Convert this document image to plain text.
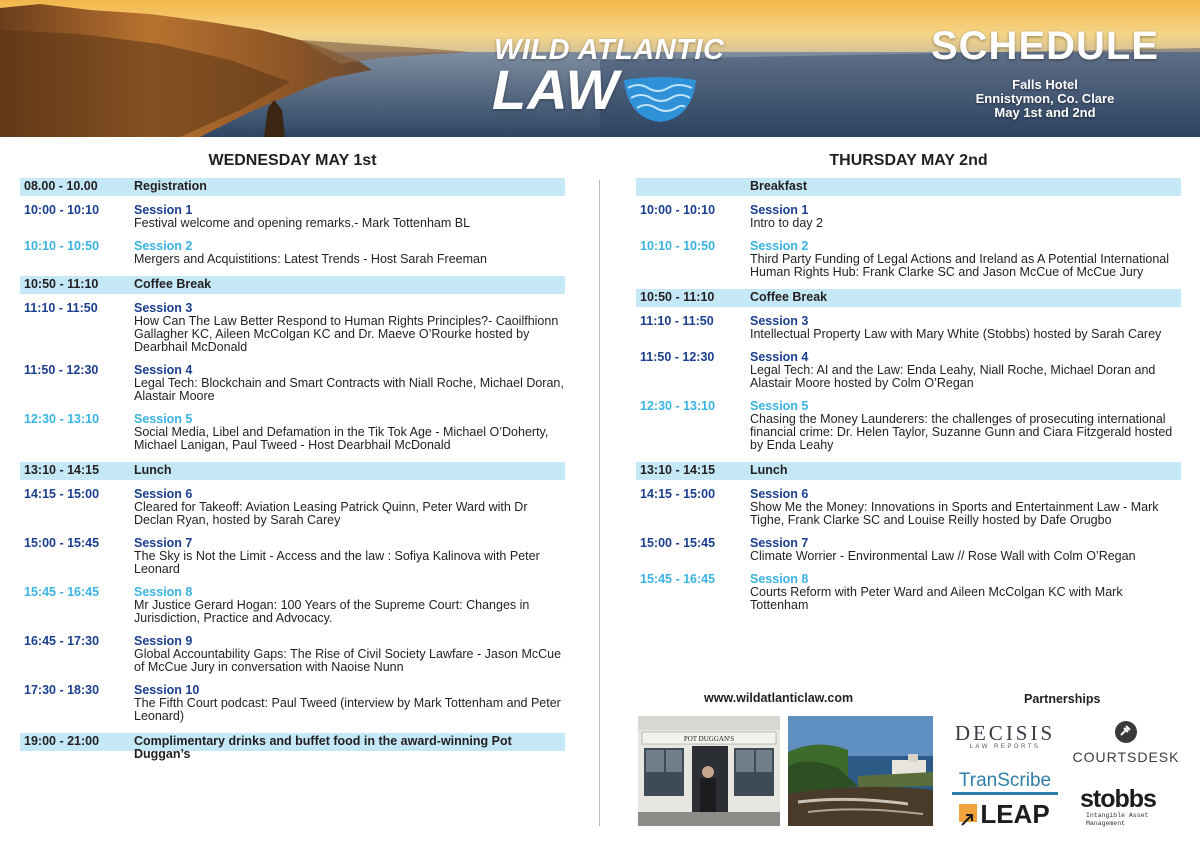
WILD ATLANTIC
LAW
SCHEDULE
Falls Hotel
Ennistymon, Co. Clare
May 1st and 2nd
WEDNESDAY MAY 1st	THURSDAY MAY 2nd
08.00 - 10.00	Registration
10:00 - 10:10	Session 1
Festival welcome and opening remarks.- Mark Tottenham BL
10:10 - 10:50	Session 2
Mergers and Acquistitions: Latest Trends - Host Sarah Freeman
10:50 - 11:10	Coffee Break
11:10 - 11:50	Session 3
How Can The Law Better Respond to Human Rights Principles?- Caoilfhionn Gallagher KC, Aileen McColgan KC and Dr. Maeve O’Rourke hosted by Dearbhail McDonald
11:50 - 12:30	Session 4
Legal Tech: Blockchain and Smart Contracts with Niall Roche, Michael Doran, Alastair Moore
12:30 - 13:10	Session 5
Social Media, Libel and Defamation in the Tik Tok Age - Michael O’Doherty, Michael Lanigan, Paul Tweed - Host Dearbhail McDonald
13:10 - 14:15	Lunch
14:15 - 15:00	Session 6
Cleared for Takeoff: Aviation Leasing Patrick Quinn, Peter Ward with Dr Declan Ryan, hosted by Sarah Carey
15:00 - 15:45	Session 7
The Sky is Not the Limit - Access and the law : Sofiya Kalinova with Peter Leonard
15:45 - 16:45	Session 8
Mr Justice Gerard Hogan: 100 Years of the Supreme Court: Changes in Jurisdiction, Practice and Advocacy.
16:45 - 17:30	Session 9
Global Accountability Gaps: The Rise of Civil Society Lawfare - Jason McCue of McCue Jury in conversation with Naoise Nunn
17:30 - 18:30	Session 10
The Fifth Court podcast: Paul Tweed (interview by Mark Tottenham and Peter Leonard)
19:00 - 21:00	Complimentary drinks and buffet food in the award-winning Pot Duggan’s
Breakfast
10:00 - 10:10	Session 1
Intro to day 2
10:10 - 10:50	Session 2
Third Party Funding of Legal Actions and Ireland as A Potential International Human Rights Hub: Frank Clarke SC and Jason McCue of McCue Jury
10:50 - 11:10	Coffee Break
11:10 - 11:50	Session 3
Intellectual Property Law with Mary White (Stobbs) hosted by Sarah Carey
11:50 - 12:30	Session 4
Legal Tech: AI and the Law: Enda Leahy, Niall Roche, Michael Doran and Alastair Moore hosted by Colm O’Regan
12:30 - 13:10	Session 5
Chasing the Money Launderers: the challenges of prosecuting international financial crime: Dr. Helen Taylor, Suzanne Gunn and Ciara Fitzgerald hosted by Enda Leahy
13:10 - 14:15	Lunch
14:15 - 15:00	Session 6
Show Me the Money: Innovations in Sports and Entertainment Law - Mark Tighe, Frank Clarke SC and Louise Reilly hosted by Dafe Orugbo
15:00 - 15:45	Session 7
Climate Worrier - Environmental Law // Rose Wall with Colm O’Regan
15:45 - 16:45	Session 8
Courts Reform with Peter Ward and Aileen McColgan KC with Mark Tottenham
www.wildatlanticlaw.com	Partnerships
POT DUGGAN'S	DECISIS
LAW REPORTS
TranScribe
LEAP
COURTSDESK
stobbs
Intangible Asset
Management
